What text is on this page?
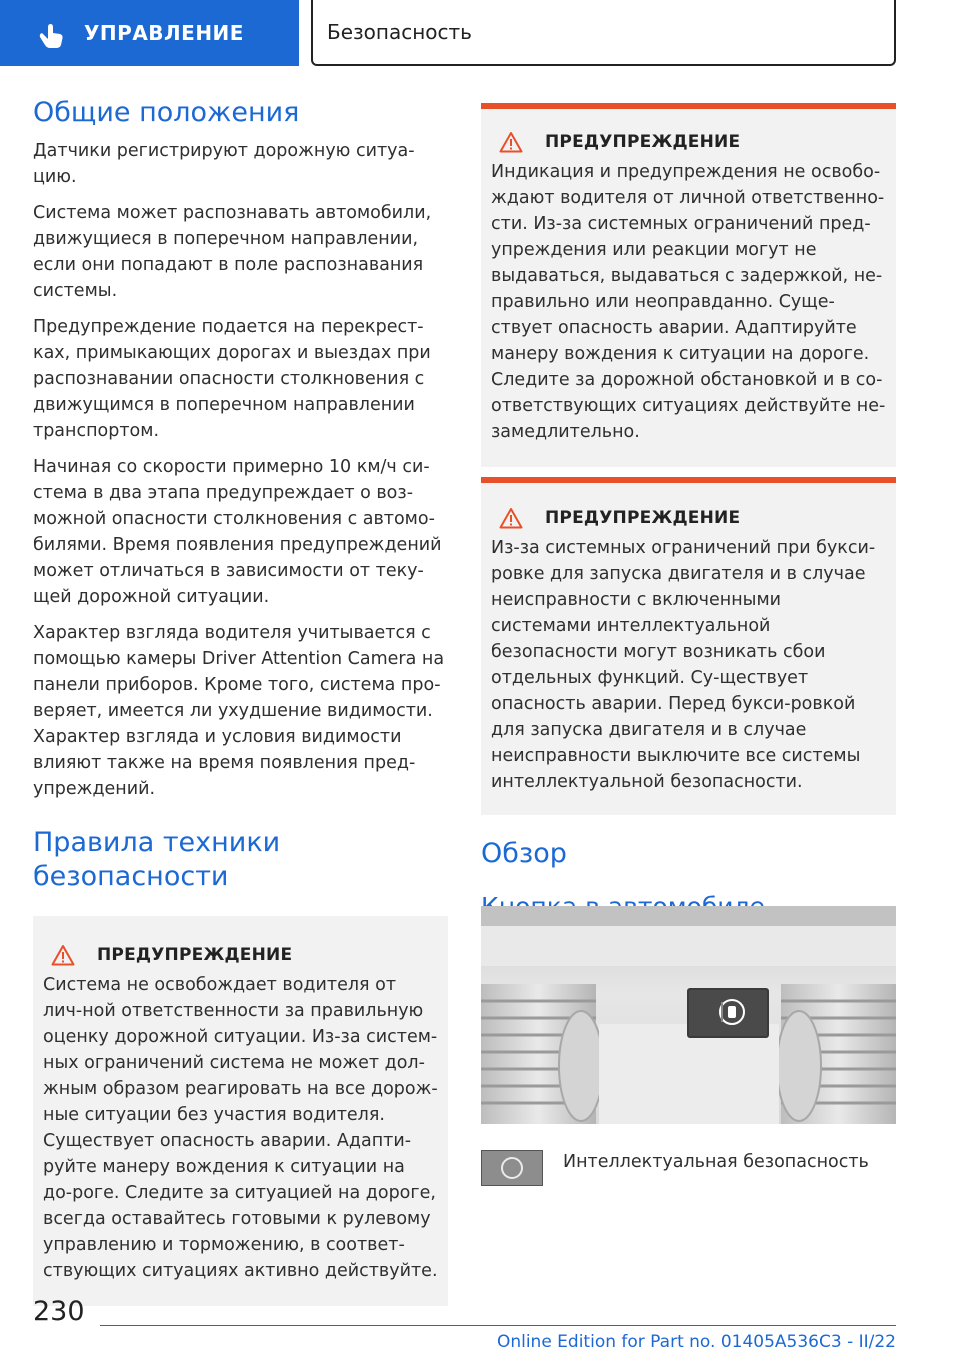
УПРАВЛЕНИЕ	Безопасность
Общие положения

Датчики регистрируют дорожную ситуа-цию.

Система может распознавать автомобили, движущиеся в поперечном направлении, если они попадают в поле распознавания системы.

Предупреждение подается на перекрест-ках, примыкающих дорогах и выездах при распознавании опасности столкновения с движущимся в поперечном направлении транспортом.

Начиная со скорости примерно 10 км/ч си-стема в два этапа предупреждает о воз-можной опасности столкновения с автомо-билями. Время появления предупреждений может отличаться в зависимости от теку-щей дорожной ситуации.

Характер взгляда водителя учитывается с помощью камеры Driver Attention Camera на панели приборов. Кроме того, система про-веряет, имеется ли ухудшение видимости. Характер взгляда и условия видимости влияют также на время появления пред-упреждений.

Правила техники безопасности
ПРЕДУПРЕЖДЕНИЕ

Система не освобождает водителя от лич-ной ответственности за правильную оценку дорожной ситуации. Из-за систем-ных ограничений система не может дол-жным образом реагировать на все дорож-ные ситуации без участия водителя. Существует опасность аварии. Адапти-руйте манеру вождения к ситуации на до-роге. Следите за ситуацией на дороге, всегда оставайтесь готовыми к рулевому управлению и торможению, в соответ-ствующих ситуациях активно действуйте.

ПРЕДУПРЕЖДЕНИЕ

Индикация и предупреждения не освобо-ждают водителя от личной ответственно-сти. Из-за системных ограничений пред-упреждения или реакции могут не выдаваться, выдаваться с задержкой, не-правильно или неоправданно. Суще-ствует опасность аварии. Адаптируйте манеру вождения к ситуации на дороге. Следите за дорожной обстановкой и в со-ответствующих ситуациях действуйте не-замедлительно.

ПРЕДУПРЕЖДЕНИЕ

Из-за системных ограничений при букси-ровке для запуска двигателя и в случае неисправности с включенными системами интеллектуальной безопасности могут возникать сбои отдельных функций. Су-ществует опасность аварии. Перед букси-ровкой для запуска двигателя и в случае неисправности выключите все системы интеллектуальной безопасности.

Обзор
Интеллектуальная безопасность
230
Online Edition for Part no. 01405A536C3 - II/22
